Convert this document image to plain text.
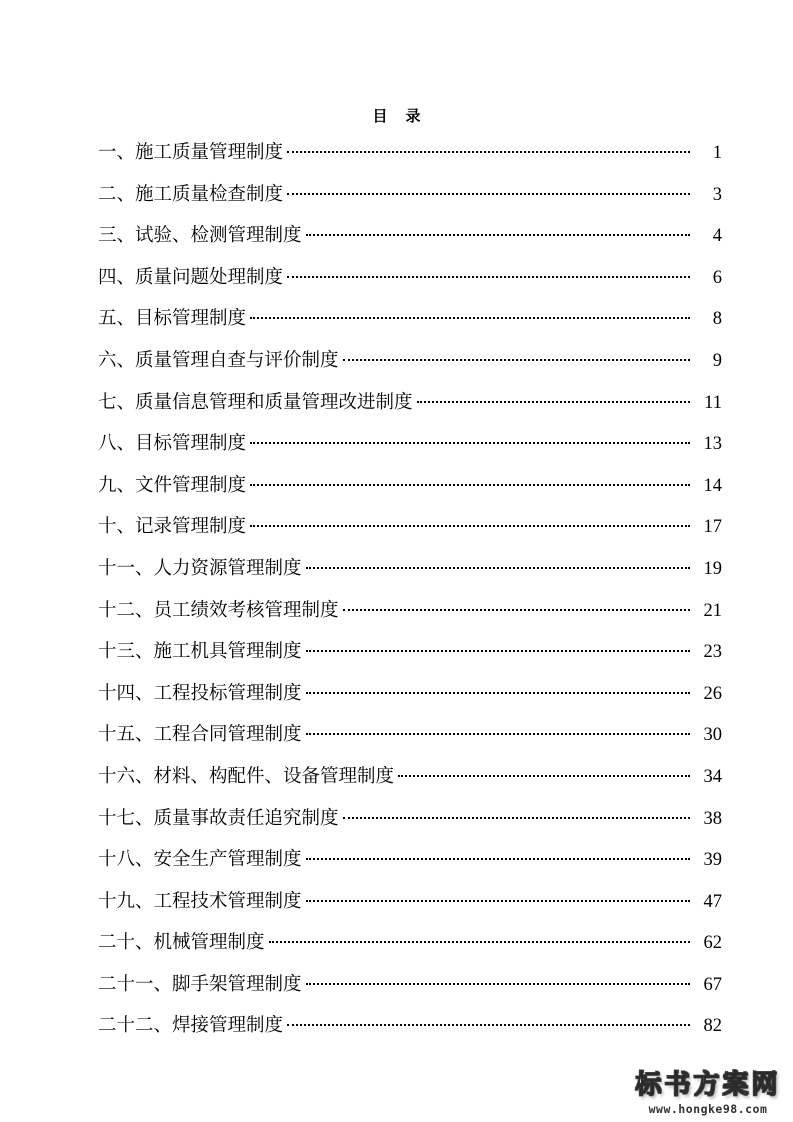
目 录
一、施工质量管理制度	1
二、施工质量检查制度	3
三、试验、检测管理制度	4
四、质量问题处理制度	6
五、目标管理制度	8
六、质量管理自查与评价制度	9
七、质量信息管理和质量管理改进制度	11
八、目标管理制度	13
九、文件管理制度	14
十、记录管理制度	17
十一、人力资源管理制度	19
十二、员工绩效考核管理制度	21
十三、施工机具管理制度	23
十四、工程投标管理制度	26
十五、工程合同管理制度	30
十六、材料、构配件、设备管理制度	34
十七、质量事故责任追究制度	38
十八、安全生产管理制度	39
十九、工程技术管理制度	47
二十、机械管理制度	62
二十一、脚手架管理制度	67
二十二、焊接管理制度	82
标书方案网
www.hongke98.com
